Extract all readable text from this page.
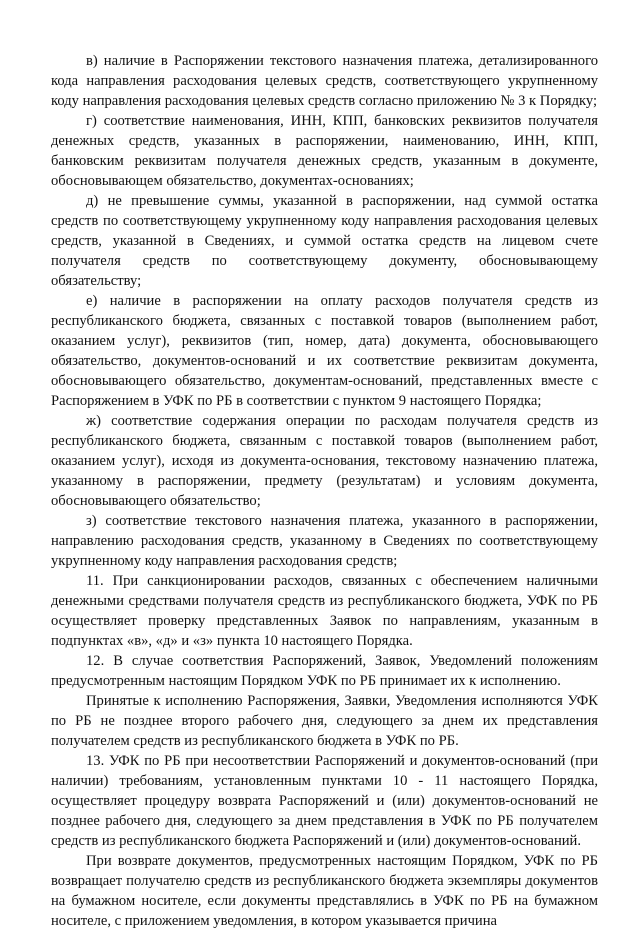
в) наличие в Распоряжении текстового назначения платежа, детализированного кода направления расходования целевых средств, соответствующего укрупненному коду направления расходования целевых средств согласно приложению № 3 к Порядку;

г) соответствие наименования, ИНН, КПП, банковских реквизитов получателя денежных средств, указанных в распоряжении, наименованию, ИНН, КПП, банковским реквизитам получателя денежных средств, указанным в документе, обосновывающем обязательство, документах-основаниях;

д) не превышение суммы, указанной в распоряжении, над суммой остатка средств по соответствующему укрупненному коду направления расходования целевых средств, указанной в Сведениях, и суммой остатка средств на лицевом счете получателя средств по соответствующему документу, обосновывающему обязательству;

е) наличие в распоряжении на оплату расходов получателя средств из республиканского бюджета, связанных с поставкой товаров (выполнением работ, оказанием услуг), реквизитов (тип, номер, дата) документа, обосновывающего обязательство, документов-оснований и их соответствие реквизитам документа, обосновывающего обязательство, документам-оснований, представленных вместе с Распоряжением в УФК по РБ в соответствии с пунктом 9 настоящего Порядка;

ж) соответствие содержания операции по расходам получателя средств из республиканского бюджета, связанным с поставкой товаров (выполнением работ, оказанием услуг), исходя из документа-основания, текстовому назначению платежа, указанному в распоряжении, предмету (результатам) и условиям документа, обосновывающего обязательство;

з) соответствие текстового назначения платежа, указанного в распоряжении, направлению расходования средств, указанному в Сведениях по соответствующему укрупненному коду направления расходования средств;

11. При санкционировании расходов, связанных с обеспечением наличными денежными средствами получателя средств из республиканского бюджета, УФК по РБ осуществляет проверку представленных Заявок по направлениям, указанным в подпунктах «в», «д» и «з» пункта 10 настоящего Порядка.

12. В случае соответствия Распоряжений, Заявок, Уведомлений положениям предусмотренным настоящим Порядком УФК по РБ принимает их к исполнению.

Принятые к исполнению Распоряжения, Заявки, Уведомления исполняются УФК по РБ не позднее второго рабочего дня, следующего за днем их представления получателем средств из республиканского бюджета в УФК по РБ.

13. УФК по РБ при несоответствии Распоряжений и документов-оснований (при наличии) требованиям, установленным пунктами 10 - 11 настоящего Порядка, осуществляет процедуру возврата Распоряжений и (или) документов-оснований не позднее рабочего дня, следующего за днем представления в УФК по РБ получателем средств из республиканского бюджета Распоряжений и (или) документов-оснований.

При возврате документов, предусмотренных настоящим Порядком, УФК по РБ возвращает получателю средств из республиканского бюджета экземпляры документов на бумажном носителе, если документы представлялись в УФК по РБ на бумажном носителе, с приложением уведомления, в котором указывается причина
